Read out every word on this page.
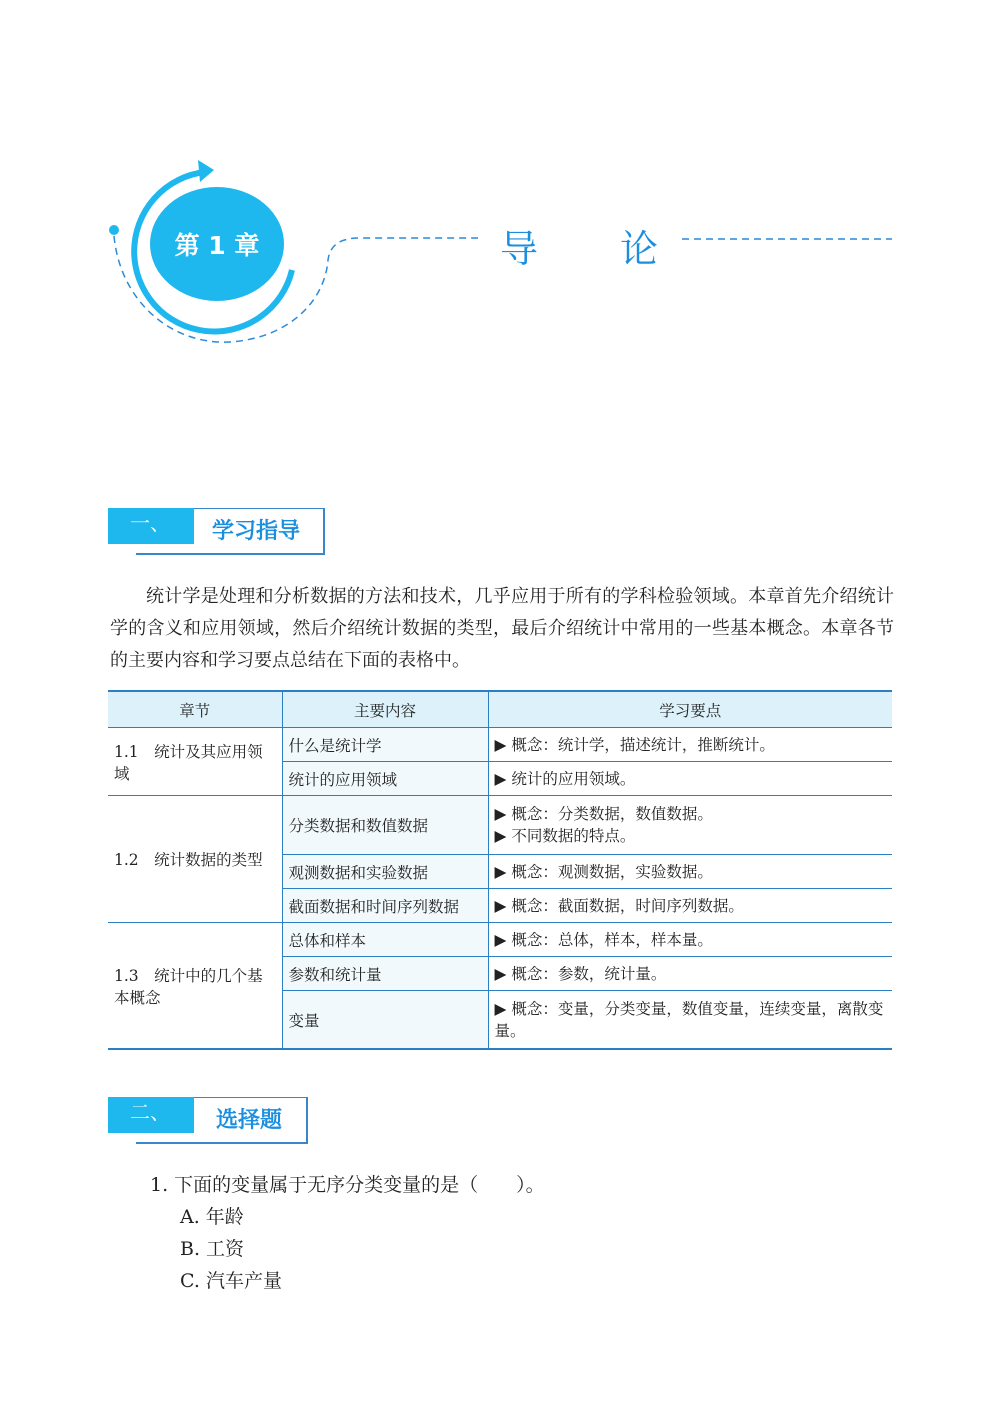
第 1 章	导 论
一、	学习指导
统计学是处理和分析数据的方法和技术，几乎应用于所有的学科检验领域。本章首先介绍统计学的含义和应用领域，然后介绍统计数据的类型，最后介绍统计中常用的一些基本概念。本章各节的主要内容和学习要点总结在下面的表格中。
章节	主要内容	学习要点
1.1　统计及其应用领域	什么是统计学	▶ 概念：统计学，描述统计，推断统计。

	统计的应用领域	▶ 统计的应用领域。

1.2　统计数据的类型	分类数据和数值数据	▶ 概念：分类数据，数值数据。
▶ 不同数据的特点。

	观测数据和实验数据	▶ 概念：观测数据，实验数据。

	截面数据和时间序列数据	▶ 概念：截面数据，时间序列数据。

1.3　统计中的几个基本概念	总体和样本	▶ 概念：总体，样本，样本量。

	参数和统计量	▶ 概念：参数，统计量。

	变量	▶ 概念：变量，分类变量，数值变量，连续变量，离散变量。
二、	选择题
1. 下面的变量属于无序分类变量的是（　　）。
A. 年龄
B. 工资
C. 汽车产量
